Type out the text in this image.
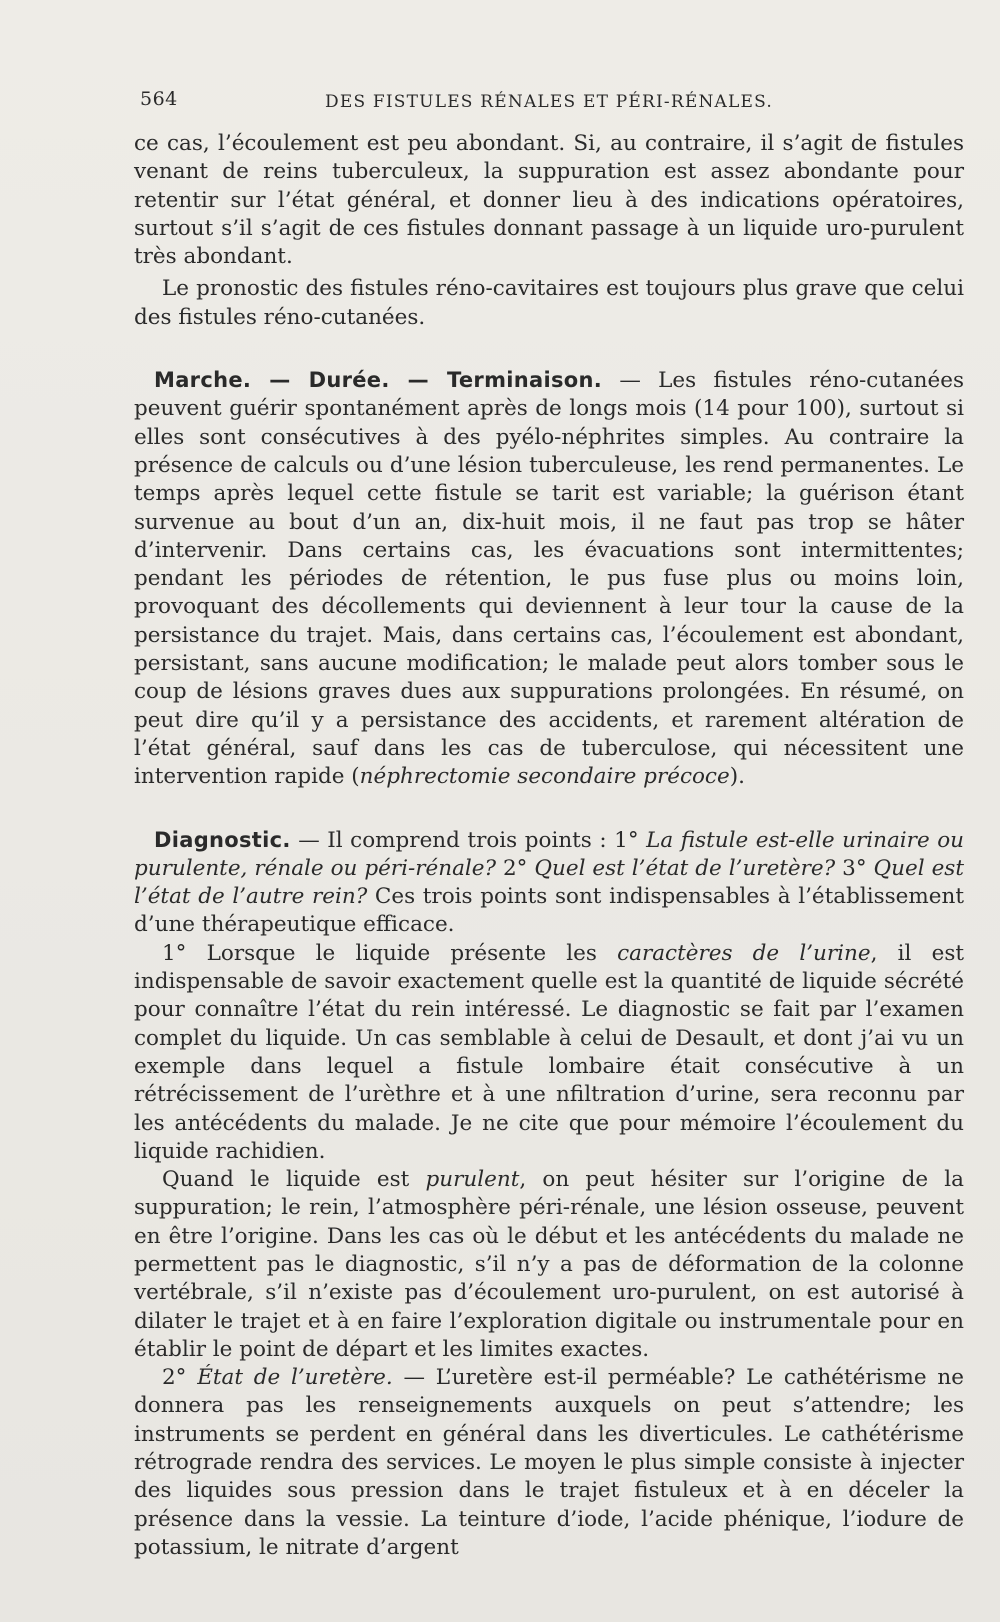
564	DES FISTULES RÉNALES ET PÉRI-RÉNALES.

ce cas, l’écoulement est peu abondant. Si, au contraire, il s’agit de fistules venant de reins tuberculeux, la suppuration est assez abondante pour retentir sur l’état général, et donner lieu à des indications opératoires, surtout s’il s’agit de ces fistules donnant passage à un liquide uro-purulent très abondant.

Le pronostic des fistules réno-cavitaires est toujours plus grave que celui des fistules réno-cutanées.

Marche. — Durée. — Terminaison. — Les fistules réno-cutanées peuvent guérir spontanément après de longs mois (14 pour 100), surtout si elles sont consécutives à des pyélo-néphrites simples. Au contraire la présence de calculs ou d’une lésion tuberculeuse, les rend permanentes. Le temps après lequel cette fistule se tarit est variable; la guérison étant survenue au bout d’un an, dix-huit mois, il ne faut pas trop se hâter d’intervenir. Dans certains cas, les évacuations sont intermittentes; pendant les périodes de rétention, le pus fuse plus ou moins loin, provoquant des décollements qui deviennent à leur tour la cause de la persistance du trajet. Mais, dans certains cas, l’écoulement est abondant, persistant, sans aucune modification; le malade peut alors tomber sous le coup de lésions graves dues aux suppurations prolongées. En résumé, on peut dire qu’il y a persistance des accidents, et rarement altération de l’état général, sauf dans les cas de tuberculose, qui nécessitent une intervention rapide (néphrectomie secondaire précoce).

Diagnostic. — Il comprend trois points : 1° La fistule est-elle urinaire ou purulente, rénale ou péri-rénale? 2° Quel est l’état de l’uretère? 3° Quel est l’état de l’autre rein? Ces trois points sont indispensables à l’établissement d’une thérapeutique efficace.

1° Lorsque le liquide présente les caractères de l’urine, il est indispensable de savoir exactement quelle est la quantité de liquide sécrété pour connaître l’état du rein intéressé. Le diagnostic se fait par l’examen complet du liquide. Un cas semblable à celui de Desault, et dont j’ai vu un exemple dans lequel a fistule lombaire était consécutive à un rétrécissement de l’urèthre et à une nfiltration d’urine, sera reconnu par les antécédents du malade. Je ne cite que pour mémoire l’écoulement du liquide rachidien.

Quand le liquide est purulent, on peut hésiter sur l’origine de la suppuration; le rein, l’atmosphère péri-rénale, une lésion osseuse, peuvent en être l’origine. Dans les cas où le début et les antécédents du malade ne permettent pas le diagnostic, s’il n’y a pas de déformation de la colonne vertébrale, s’il n’existe pas d’écoulement uro-purulent, on est autorisé à dilater le trajet et à en faire l’exploration digitale ou instrumentale pour en établir le point de départ et les limites exactes.

2° État de l’uretère. — L’uretère est-il perméable? Le cathétérisme ne donnera pas les renseignements auxquels on peut s’attendre; les instruments se perdent en général dans les diverticules. Le cathétérisme rétrograde rendra des services. Le moyen le plus simple consiste à injecter des liquides sous pression dans le trajet fistuleux et à en déceler la présence dans la vessie. La teinture d’iode, l’acide phénique, l’iodure de potassium, le nitrate d’argent
